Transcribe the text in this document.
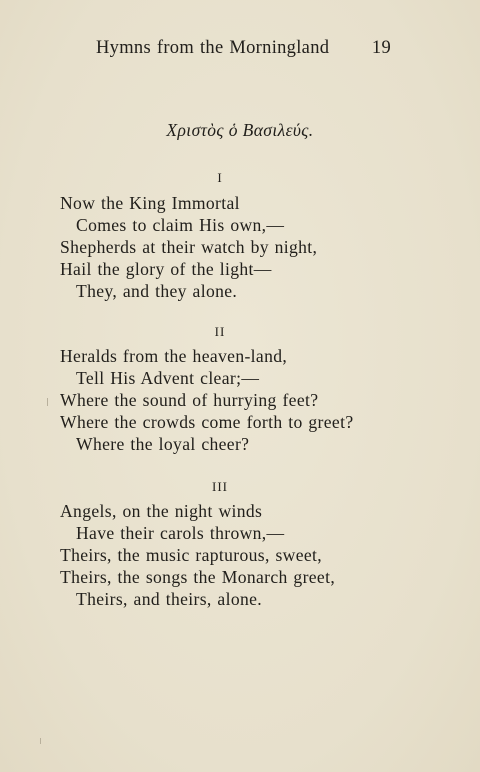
Hymns from the Morningland 19
Χριστὸς ὁ Βασιλεύς.
I
Now the King Immortal
Comes to claim His own,—
Shepherds at their watch by night,
Hail the glory of the light—
They, and they alone.
II
Heralds from the heaven-land,
Tell His Advent clear;—
Where the sound of hurrying feet?
Where the crowds come forth to greet?
Where the loyal cheer?
III
Angels, on the night winds
Have their carols thrown,—
Theirs, the music rapturous, sweet,
Theirs, the songs the Monarch greet,
Theirs, and theirs, alone.
